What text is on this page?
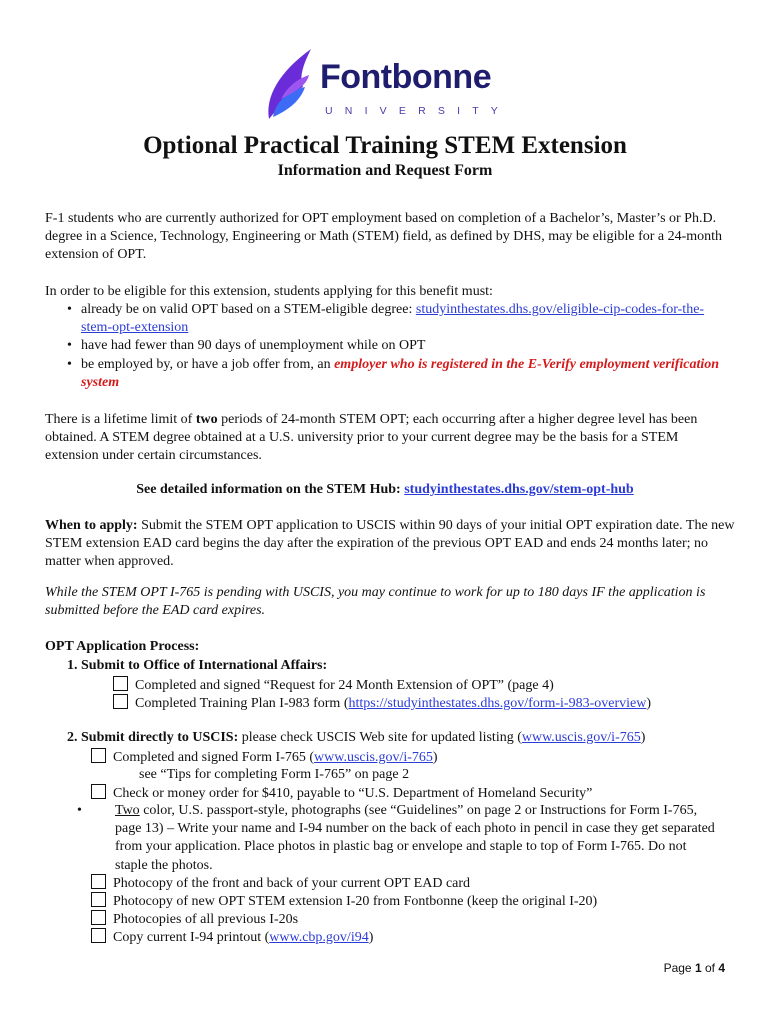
Fontbonne
UNIVERSITY
Optional Practical Training STEM Extension
Information and Request Form

F-1 students who are currently authorized for OPT employment based on completion of a Bachelor’s, Master’s or Ph.D. degree in a Science, Technology, Engineering or Math (STEM) field, as defined by DHS, may be eligible for a 24-month extension of OPT.

In order to be eligible for this extension, students applying for this benefit must:

• already be on valid OPT based on a STEM-eligible degree: studyinthestates.dhs.gov/eligible-cip-codes-for-the-stem-opt-extension
• have had fewer than 90 days of unemployment while on OPT
• be employed by, or have a job offer from, an employer who is registered in the E-Verify employment verification system

There is a lifetime limit of two periods of 24-month STEM OPT; each occurring after a higher degree level has been obtained. A STEM degree obtained at a U.S. university prior to your current degree may be the basis for a STEM extension under certain circumstances.

See detailed information on the STEM Hub: studyinthestates.dhs.gov/stem-opt-hub

When to apply: Submit the STEM OPT application to USCIS within 90 days of your initial OPT expiration date. The new STEM extension EAD card begins the day after the expiration of the previous OPT EAD and ends 24 months later; no matter when approved.

While the STEM OPT I-765 is pending with USCIS, you may continue to work for up to 180 days IF the application is submitted before the EAD card expires.

OPT Application Process:
1. Submit to Office of International Affairs:
Completed and signed “Request for 24 Month Extension of OPT” (page 4)
Completed Training Plan I-983 form (https://studyinthestates.dhs.gov/form-i-983-overview)
2. Submit directly to USCIS: please check USCIS Web site for updated listing (www.uscis.gov/i-765)
Completed and signed Form I-765 (www.uscis.gov/i-765)
see “Tips for completing Form I-765” on page 2
Check or money order for $410, payable to “U.S. Department of Homeland Security”
• Two color, U.S. passport-style, photographs (see “Guidelines” on page 2 or Instructions for Form I-765, page 13) – Write your name and I-94 number on the back of each photo in pencil in case they get separated from your application. Place photos in plastic bag or envelope and staple to top of Form I-765. Do not staple the photos.
Photocopy of the front and back of your current OPT EAD card
Photocopy of new OPT STEM extension I-20 from Fontbonne (keep the original I-20)
Photocopies of all previous I-20s
Copy current I-94 printout (www.cbp.gov/i94)
Page 1 of 4
